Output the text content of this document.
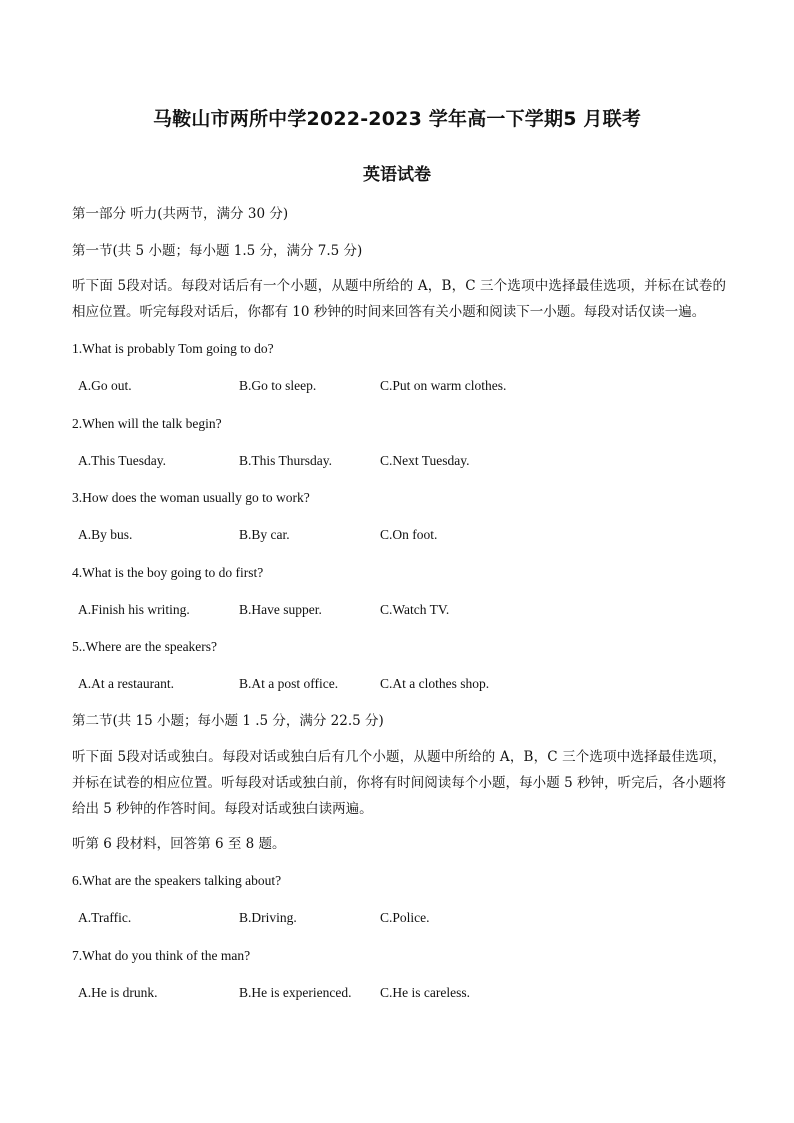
马鞍山市两所中学2022-2023 学年高一下学期5 月联考
英语试卷
第一部分 听力(共两节，满分 30 分)
第一节(共 5 小题；每小题 1.5 分，满分 7.5 分)
听下面 5段对话。每段对话后有一个小题，从题中所给的 A，B，C 三个选项中选择最佳选项，并标在试卷的相应位置。听完每段对话后，你都有 10 秒钟的时间来回答有关小题和阅读下一小题。每段对话仅读一遍。
1.What is probably Tom going to do?
A.Go out.	B.Go to sleep.	C.Put on warm clothes.
2.When will the talk begin?
A.This Tuesday.	B.This Thursday.	C.Next Tuesday.
3.How does the woman usually go to work?
A.By bus.	B.By car.	C.On foot.
4.What is the boy going to do first?
A.Finish his writing.	B.Have supper.	C.Watch TV.
5..Where are the speakers?
A.At a restaurant.	B.At a post office.	C.At a clothes shop.
第二节(共 15 小题；每小题 1 .5 分，满分 22.5 分)
听下面 5段对话或独白。每段对话或独白后有几个小题，从题中所给的 A，B，C 三个选项中选择最佳选项，并标在试卷的相应位置。听每段对话或独白前，你将有时间阅读每个小题，每小题 5 秒钟，听完后，各小题将给出 5 秒钟的作答时间。每段对话或独白读两遍。
听第 6 段材料，回答第 6 至 8 题。
6.What are the speakers talking about?
A.Traffic.	B.Driving.	C.Police.
7.What do you think of the man?
A.He is drunk.	B.He is experienced. C.He is careless.
